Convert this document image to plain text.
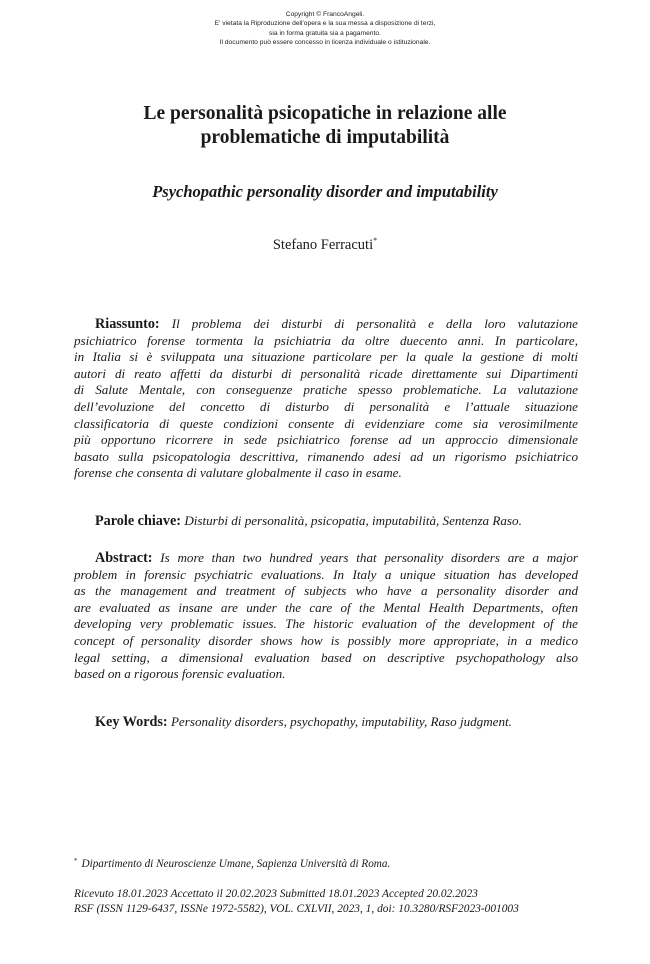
Copyright © FrancoAngeli.
E' vietata la Riproduzione dell'opera e la sua messa a disposizione di terzi,
sia in forma gratuita sia a pagamento.
Il documento può essere concesso in licenza individuale o istituzionale.
Le personalità psicopatiche in relazione alle
problematiche di imputabilità
Psychopathic personality disorder and imputability
Stefano Ferracuti*
Riassunto: Il problema dei disturbi di personalità e della loro valutazione
psichiatrico forense tormenta la psichiatria da oltre duecento anni. In particolare,
in Italia si è sviluppata una situazione particolare per la quale la gestione di molti
autori di reato affetti da disturbi di personalità ricade direttamente sui Dipartimenti
di Salute Mentale, con conseguenze pratiche spesso problematiche. La valutazione
dell’evoluzione del concetto di disturbo di personalità e l’attuale situazione
classificatoria di queste condizioni consente di evidenziare come sia verosimilmente
più opportuno ricorrere in sede psichiatrico forense ad un approccio dimensionale
basato sulla psicopatologia descrittiva, rimanendo adesi ad un rigorismo psichiatrico
forense che consenta di valutare globalmente il caso in esame.
Parole chiave: Disturbi di personalità, psicopatia, imputabilità, Sentenza Raso.
Abstract: Is more than two hundred years that personality disorders are a major
problem in forensic psychiatric evaluations. In Italy a unique situation has developed
as the management and treatment of subjects who have a personality disorder and
are evaluated as insane are under the care of the Mental Health Departments, often
developing very problematic issues. The historic evaluation of the development of the
concept of personality disorder shows how is possibly more appropriate, in a medico
legal setting, a dimensional evaluation based on descriptive psychopathology also
based on a rigorous forensic evaluation.
Key Words: Personality disorders, psychopathy, imputability, Raso judgment.
* Dipartimento di Neuroscienze Umane, Sapienza Università di Roma.
Ricevuto 18.01.2023 Accettato il 20.02.2023 Submitted 18.01.2023 Accepted 20.02.2023
RSF (ISSN 1129-6437, ISSNe 1972-5582), VOL. CXLVII, 2023, 1, doi: 10.3280/RSF2023-001003
